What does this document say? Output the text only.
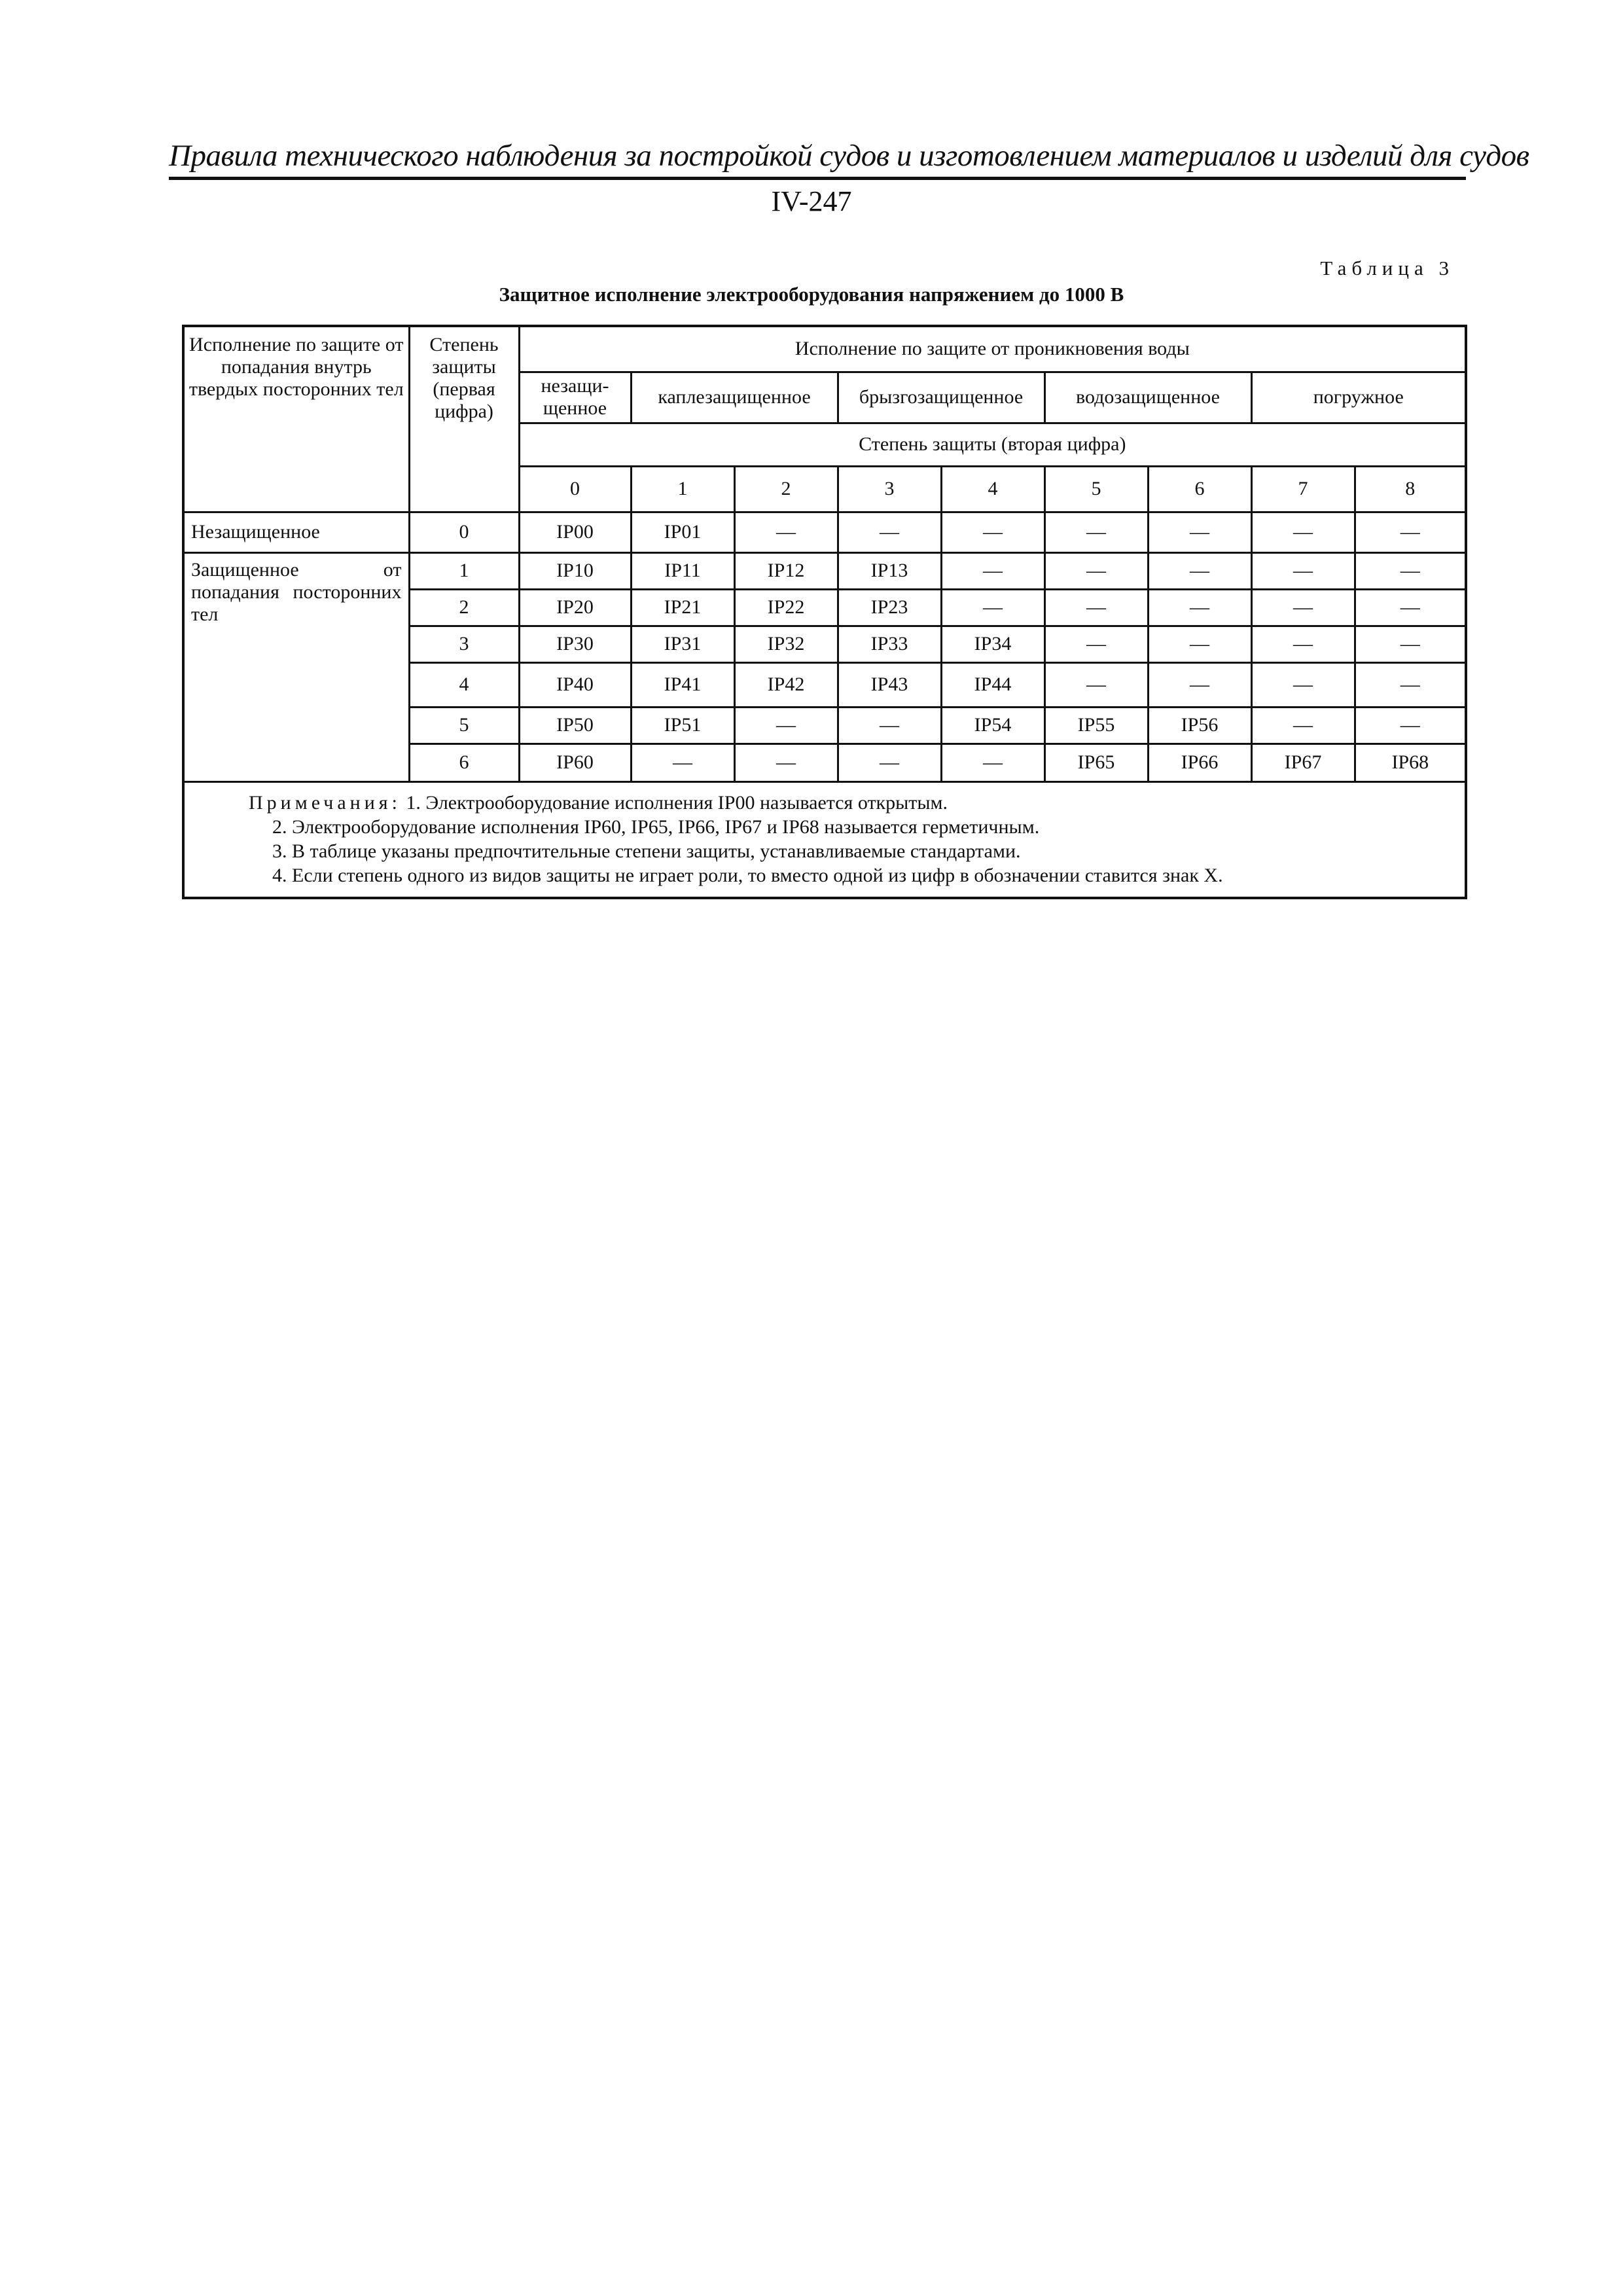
Правила технического наблюдения за постройкой судов и изготовлением материалов и изделий для судов
IV-247
Таблица 3
Защитное исполнение электрооборудования напряжением до 1000 В
Исполнение по защите от попадания внутрь твердых посторонних тел	Степень защиты (первая цифра)	Исполнение по защите от проникновения воды								
		незащи- щенное	каплезащищенное		брызгозащищенное		водозащищенное		погружное	
		Степень защиты (вторая цифра)								
		0	1	2	3	4	5	6	7	8
Незащищенное	0	IP00	IP01	—	—	—	—	—	—	—
Защищенное от попадания посторонних тел	1	IP10	IP11	IP12	IP13	—	—	—	—	—
	2	IP20	IP21	IP22	IP23	—	—	—	—	—
	3	IP30	IP31	IP32	IP33	IP34	—	—	—	—
	4	IP40	IP41	IP42	IP43	IP44	—	—	—	—
	5	IP50	IP51	—	—	IP54	IP55	IP56	—	—
	6	IP60	—	—	—	—	IP65	IP66	IP67	IP68

Примечания: 1. Электрооборудование исполнения IP00 называется открытым.
2. Электрооборудование исполнения IP60, IP65, IP66, IP67 и IP68 называется герметичным.
3. В таблице указаны предпочтительные степени защиты, устанавливаемые стандартами.
4. Если степень одного из видов защиты не играет роли, то вместо одной из цифр в обозначении ставится знак X.										
